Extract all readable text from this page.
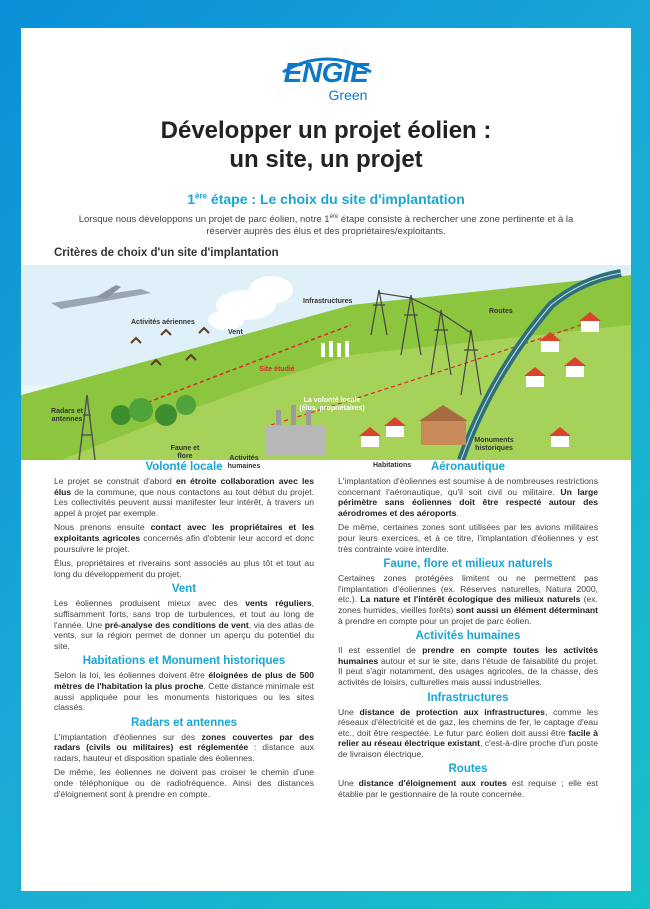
ENGIE
Green
Développer un projet éolien :
un site, un projet
1ère étape : Le choix du site d'implantation
Lorsque nous développons un projet de parc éolien, notre 1ère étape consiste à rechercher une zone pertinente et à la réserver auprès des élus et des propriétaires/exploitants.
Critères de choix d'un site d'implantation
Activités aériennes
Vent
Infrastructures
Routes
Site étudié
La volonté locale (élus, propriétaires)
Radars et antennes
Faune et flore	Activités humaines	Habitations
Monuments historiques
Volonté locale

Le projet se construit d'abord en étroite collaboration avec les élus de la commune, que nous contactons au tout début du projet. Les collectivités peuvent aussi manifester leur intérêt, à travers un appel à projet par exemple.

Nous prenons ensuite contact avec les propriétaires et les exploitants agricoles concernés afin d'obtenir leur accord et donc poursuivre le projet.

Élus, propriétaires et riverains sont associés au plus tôt et tout au long du développement du projet.

Vent

Les éoliennes produisent mieux avec des vents réguliers, suffisamment forts, sans trop de turbulences, et tout au long de l'année. Une pré-analyse des conditions de vent, via des atlas de vents, sur la région permet de donner un aperçu du potentiel du site.

Habitations et Monument historiques

Selon la loi, les éoliennes doivent être éloignées de plus de 500 mètres de l'habitation la plus proche. Cette distance minimale est aussi appliquée pour les monuments historiques ou les sites classés.

Radars et antennes

L'implantation d'éoliennes sur des zones couvertes par des radars (civils ou militaires) est réglementée : distance aux radars, hauteur et disposition spatiale des éoliennes.

De même, les éoliennes ne doivent pas croiser le chemin d'une onde téléphonique ou de radiofréquence. Ainsi des distances d'éloignement sont à prendre en compte.

Aéronautique

L'implantation d'éoliennes est soumise à de nombreuses restrictions concernant l'aéronautique, qu'il soit civil ou militaire. Un large périmètre sans éoliennes doit être respecté autour des aérodromes et des aéroports.

De même, certaines zones sont utilisées par les avions militaires pour leurs exercices, et à ce titre, l'implantation d'éoliennes y est très contrainte voire interdite.

Faune, flore et milieux naturels

Certaines zones protégées limitent ou ne permettent pas l'implantation d'éoliennes (ex. Réserves naturelles, Natura 2000, etc.). La nature et l'intérêt écologique des milieux naturels (ex. zones humides, vieilles forêts) sont aussi un élément déterminant à prendre en compte pour un projet de parc éolien.

Activités humaines

Il est essentiel de prendre en compte toutes les activités humaines autour et sur le site, dans l'étude de faisabilité du projet. Il peut s'agir notamment, des usages agricoles, de la chasse, des activités de loisirs, culturelles mais aussi industrielles.

Infrastructures

Une distance de protection aux infrastructures, comme les réseaux d'électricité et de gaz, les chemins de fer, le captage d'eau etc., doit être respectée. Le futur parc éolien doit aussi être facile à relier au réseau électrique existant, c'est-à-dire proche d'un poste de livraison électrique.

Routes

Une distance d'éloignement aux routes est requise ; elle est établie par le gestionnaire de la route concernée.
